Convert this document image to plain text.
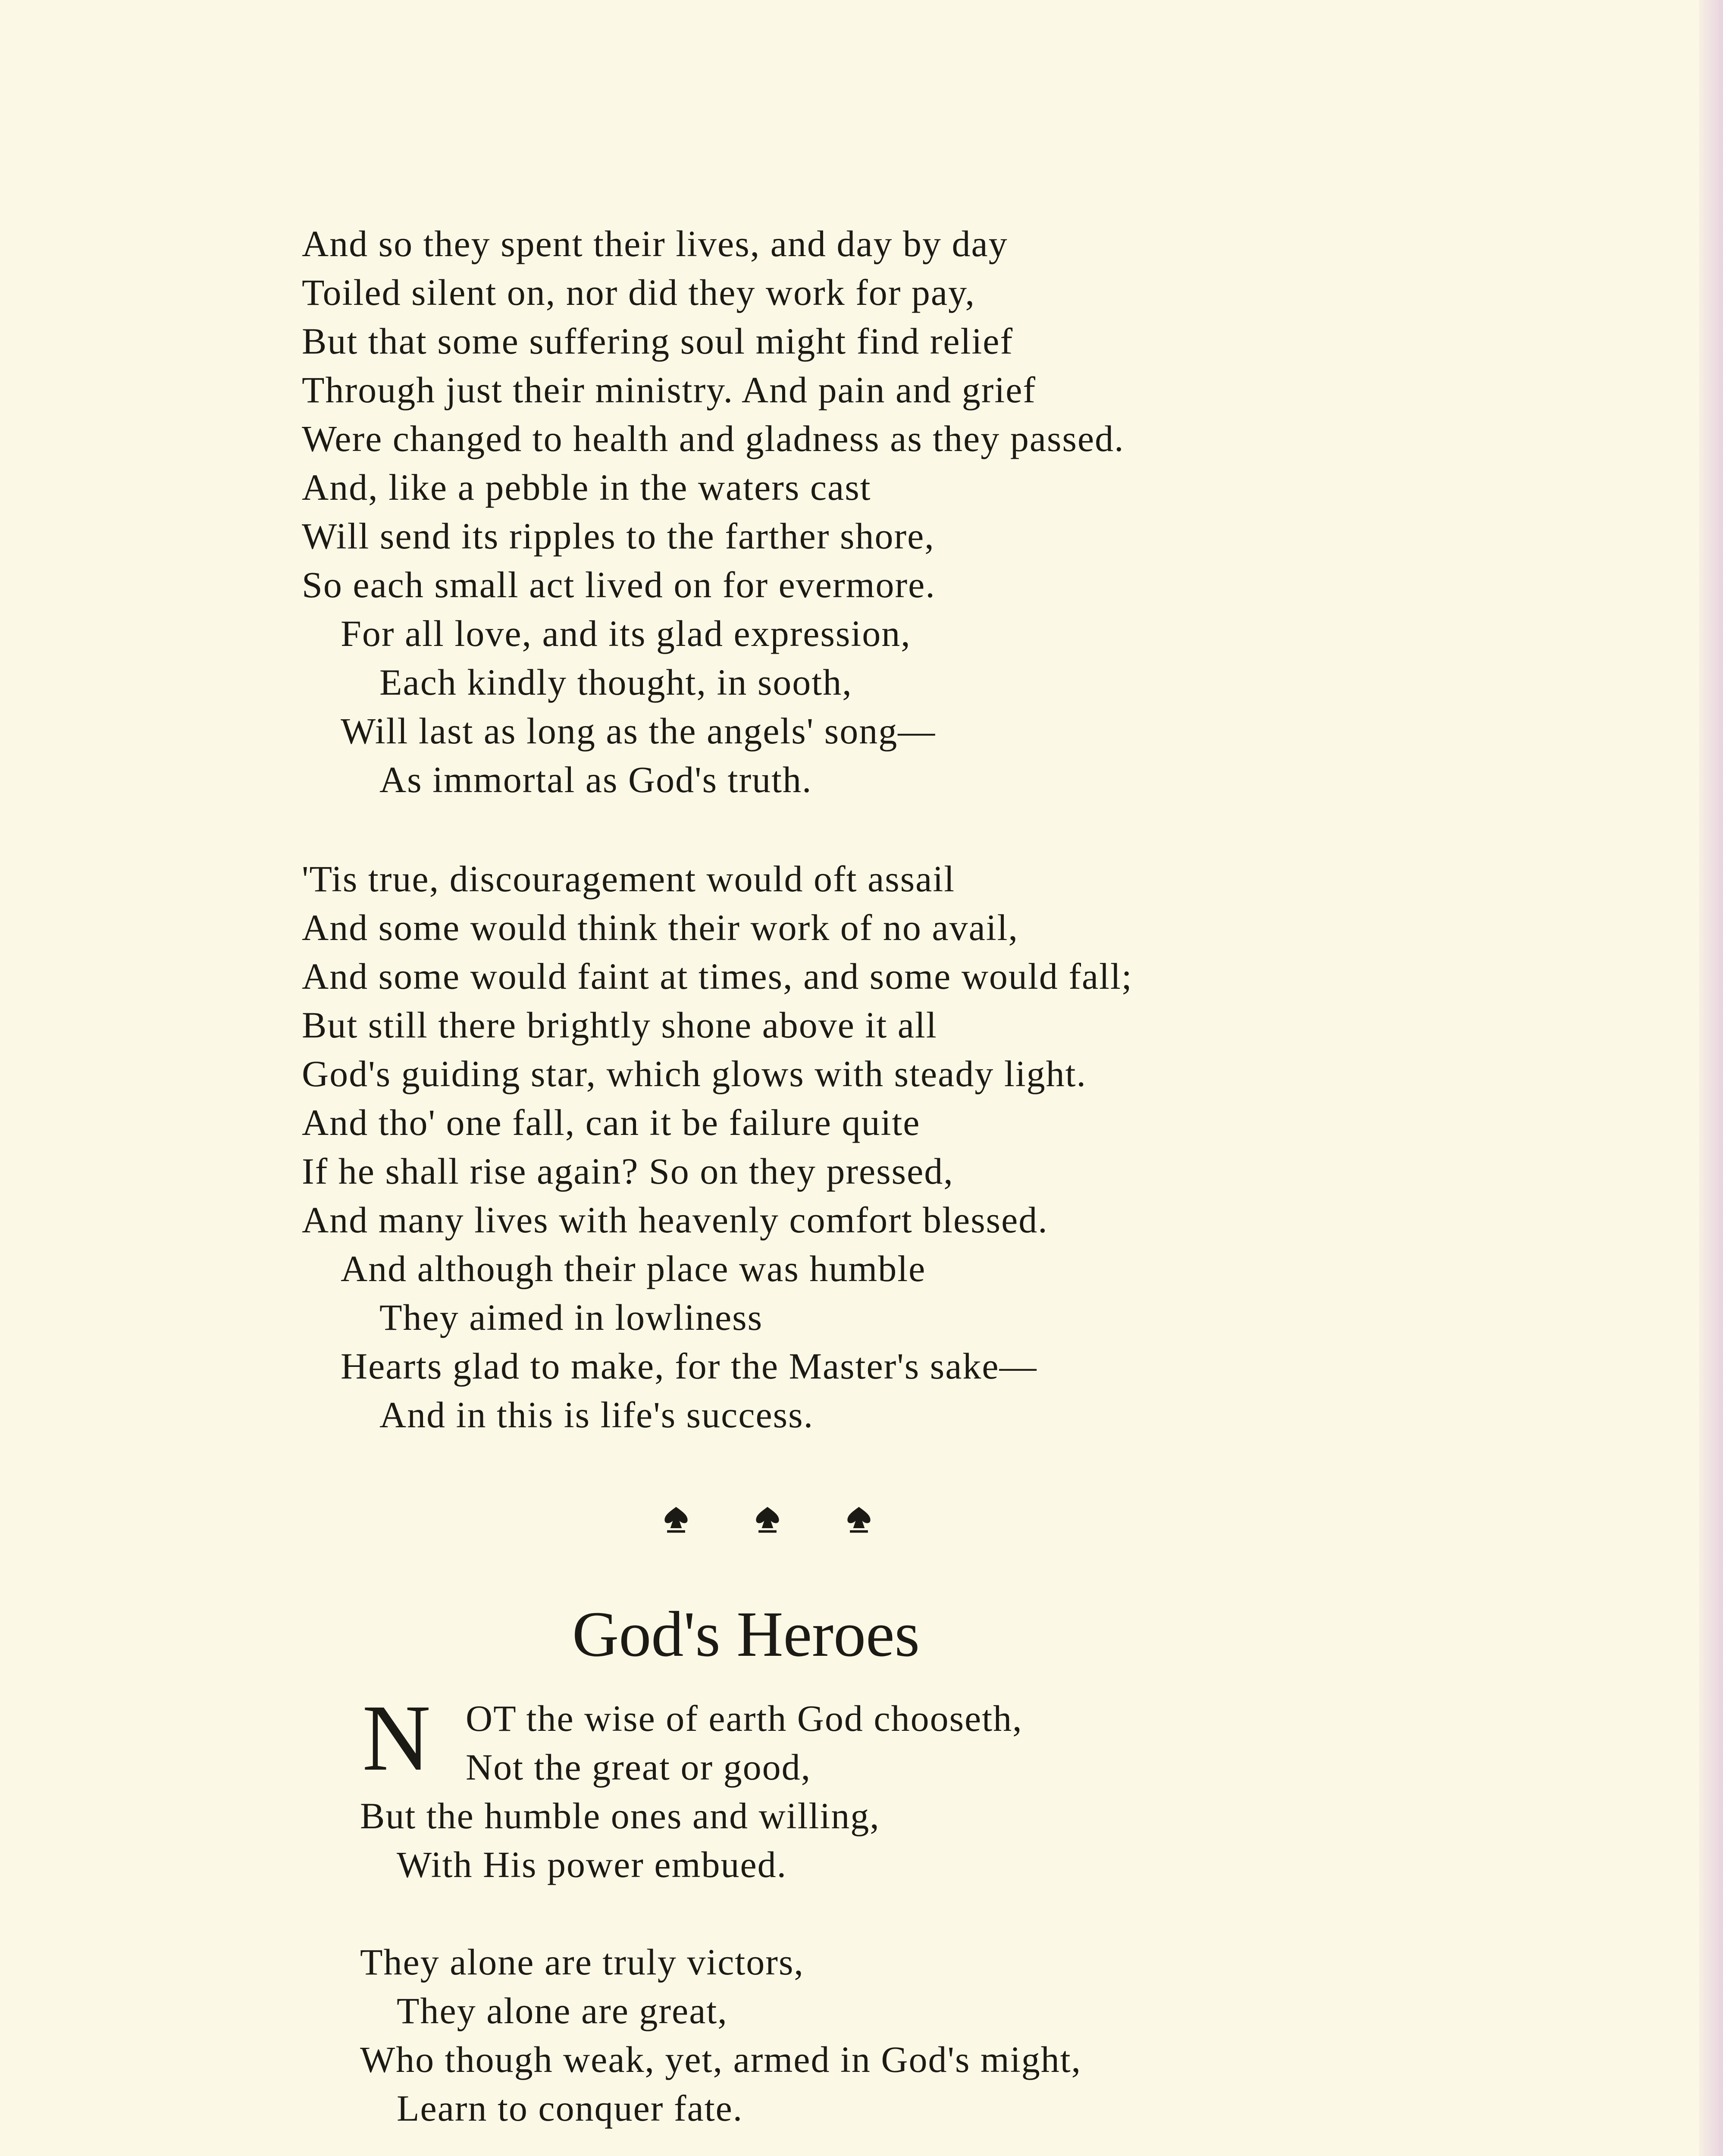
And so they spent their lives, and day by day

Toiled silent on, nor did they work for pay,

But that some suffering soul might find relief

Through just their ministry. And pain and grief

Were changed to health and gladness as they passed.

And, like a pebble in the waters cast

Will send its ripples to the farther shore,

So each small act lived on for evermore.

For all love, and its glad expression,

Each kindly thought, in sooth,

Will last as long as the angels' song—

As immortal as God's truth.

'Tis true, discouragement would oft assail

And some would think their work of no avail,

And some would faint at times, and some would fall;

But still there brightly shone above it all

God's guiding star, which glows with steady light.

And tho' one fall, can it be failure quite

If he shall rise again? So on they pressed,

And many lives with heavenly comfort blessed.

And although their place was humble

They aimed in lowliness

Hearts glad to make, for the Master's sake—

And in this is life's success.

God's Heroes
N OT the wise of earth God chooseth,

Not the great or good,

But the humble ones and willing,

With His power embued.

They alone are truly victors,

They alone are great,

Who though weak, yet, armed in God's might,

Learn to conquer fate.
